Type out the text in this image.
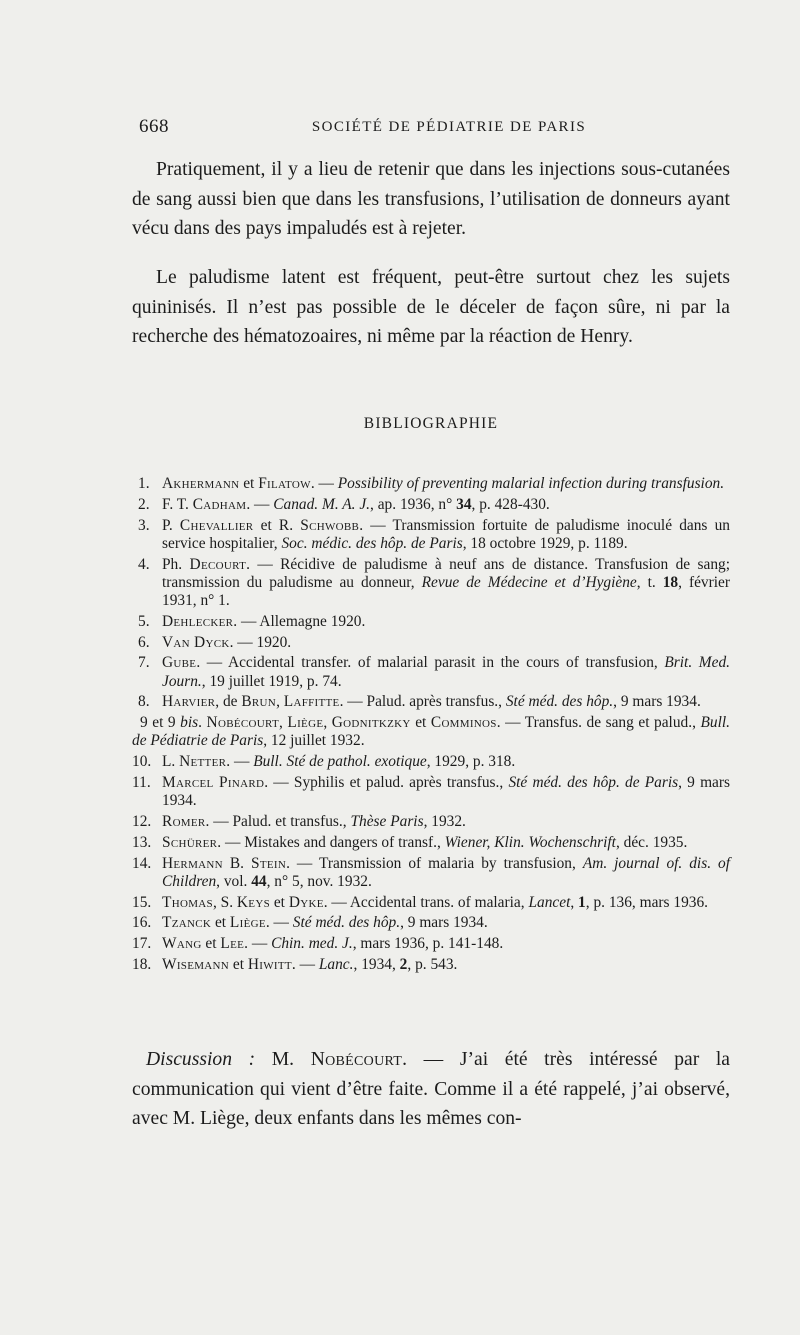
668	SOCIÉTÉ DE PÉDIATRIE DE PARIS

Pratiquement, il y a lieu de retenir que dans les injections sous-cutanées de sang aussi bien que dans les transfusions, l’utilisation de donneurs ayant vécu dans des pays impaludés est à rejeter.

Le paludisme latent est fréquent, peut-être surtout chez les sujets quininisés. Il n’est pas possible de le déceler de façon sûre, ni par la recherche des hématozoaires, ni même par la réaction de Henry.

BIBLIOGRAPHIE
1. Akhermann et Filatow. — Possibility of preventing malarial infection during transfusion.
2. F. T. Cadham. — Canad. M. A. J., ap. 1936, n° 34, p. 428-430.
3. P. Chevallier et R. Schwobb. — Transmission fortuite de paludisme inoculé dans un service hospitalier, Soc. médic. des hôp. de Paris, 18 octobre 1929, p. 1189.
4. Ph. Decourt. — Récidive de paludisme à neuf ans de distance. Transfusion de sang; transmission du paludisme au donneur, Revue de Médecine et d’Hygiène, t. 18, février 1931, n° 1.
5. Dehlecker. — Allemagne 1920.
6. Van Dyck. — 1920.
7. Gube. — Accidental transfer. of malarial parasit in the cours of transfusion, Brit. Med. Journ., 19 juillet 1919, p. 74.
8. Harvier, de Brun, Laffitte. — Palud. après transfus., Sté méd. des hôp., 9 mars 1934.
9 et 9 bis. Nobécourt, Liège, Godnitkzky et Comminos. — Transfus. de sang et palud., Bull. de Pédiatrie de Paris, 12 juillet 1932.
10. L. Netter. — Bull. Sté de pathol. exotique, 1929, p. 318.
11. Marcel Pinard. — Syphilis et palud. après transfus., Sté méd. des hôp. de Paris, 9 mars 1934.
12. Romer. — Palud. et transfus., Thèse Paris, 1932.
13. Schürer. — Mistakes and dangers of transf., Wiener, Klin. Wochenschrift, déc. 1935.
14. Hermann B. Stein. — Transmission of malaria by transfusion, Am. journal of. dis. of Children, vol. 44, n° 5, nov. 1932.
15. Thomas, S. Keys et Dyke. — Accidental trans. of malaria, Lancet, 1, p. 136, mars 1936.
16. Tzanck et Liège. — Sté méd. des hôp., 9 mars 1934.
17. Wang et Lee. — Chin. med. J., mars 1936, p. 141-148.
18. Wisemann et Hiwitt. — Lanc., 1934, 2, p. 543.

Discussion : M. Nobécourt. — J’ai été très intéressé par la communication qui vient d’être faite. Comme il a été rappelé, j’ai observé, avec M. Liège, deux enfants dans les mêmes con-
